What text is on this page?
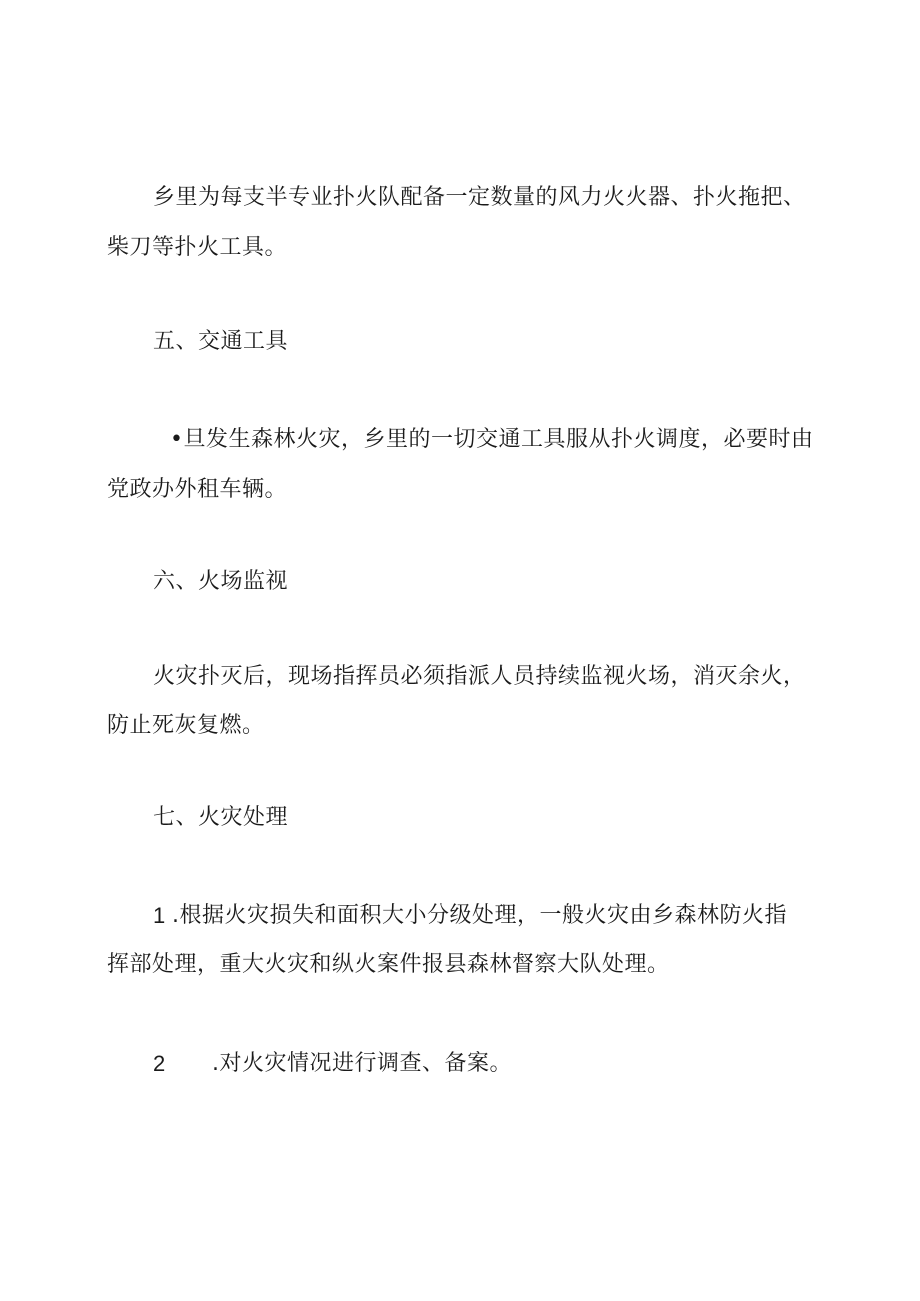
乡里为每支半专业扑火队配备一定数量的风力火火器、扑火拖把、
柴刀等扑火工具。
五、交通工具
•旦发生森林火灾，乡里的一切交通工具服从扑火调度，必要时由
党政办外租车辆。
六、火场监视
火灾扑灭后，现场指挥员必须指派人员持续监视火场，消灭余火，
防止死灰复燃。
七、火灾处理
1 .根据火灾损失和面积大小分级处理，一般火灾由乡森林防火指
挥部处理，重大火灾和纵火案件报县森林督察大队处理。
2 .对火灾情况进行调查、备案。
